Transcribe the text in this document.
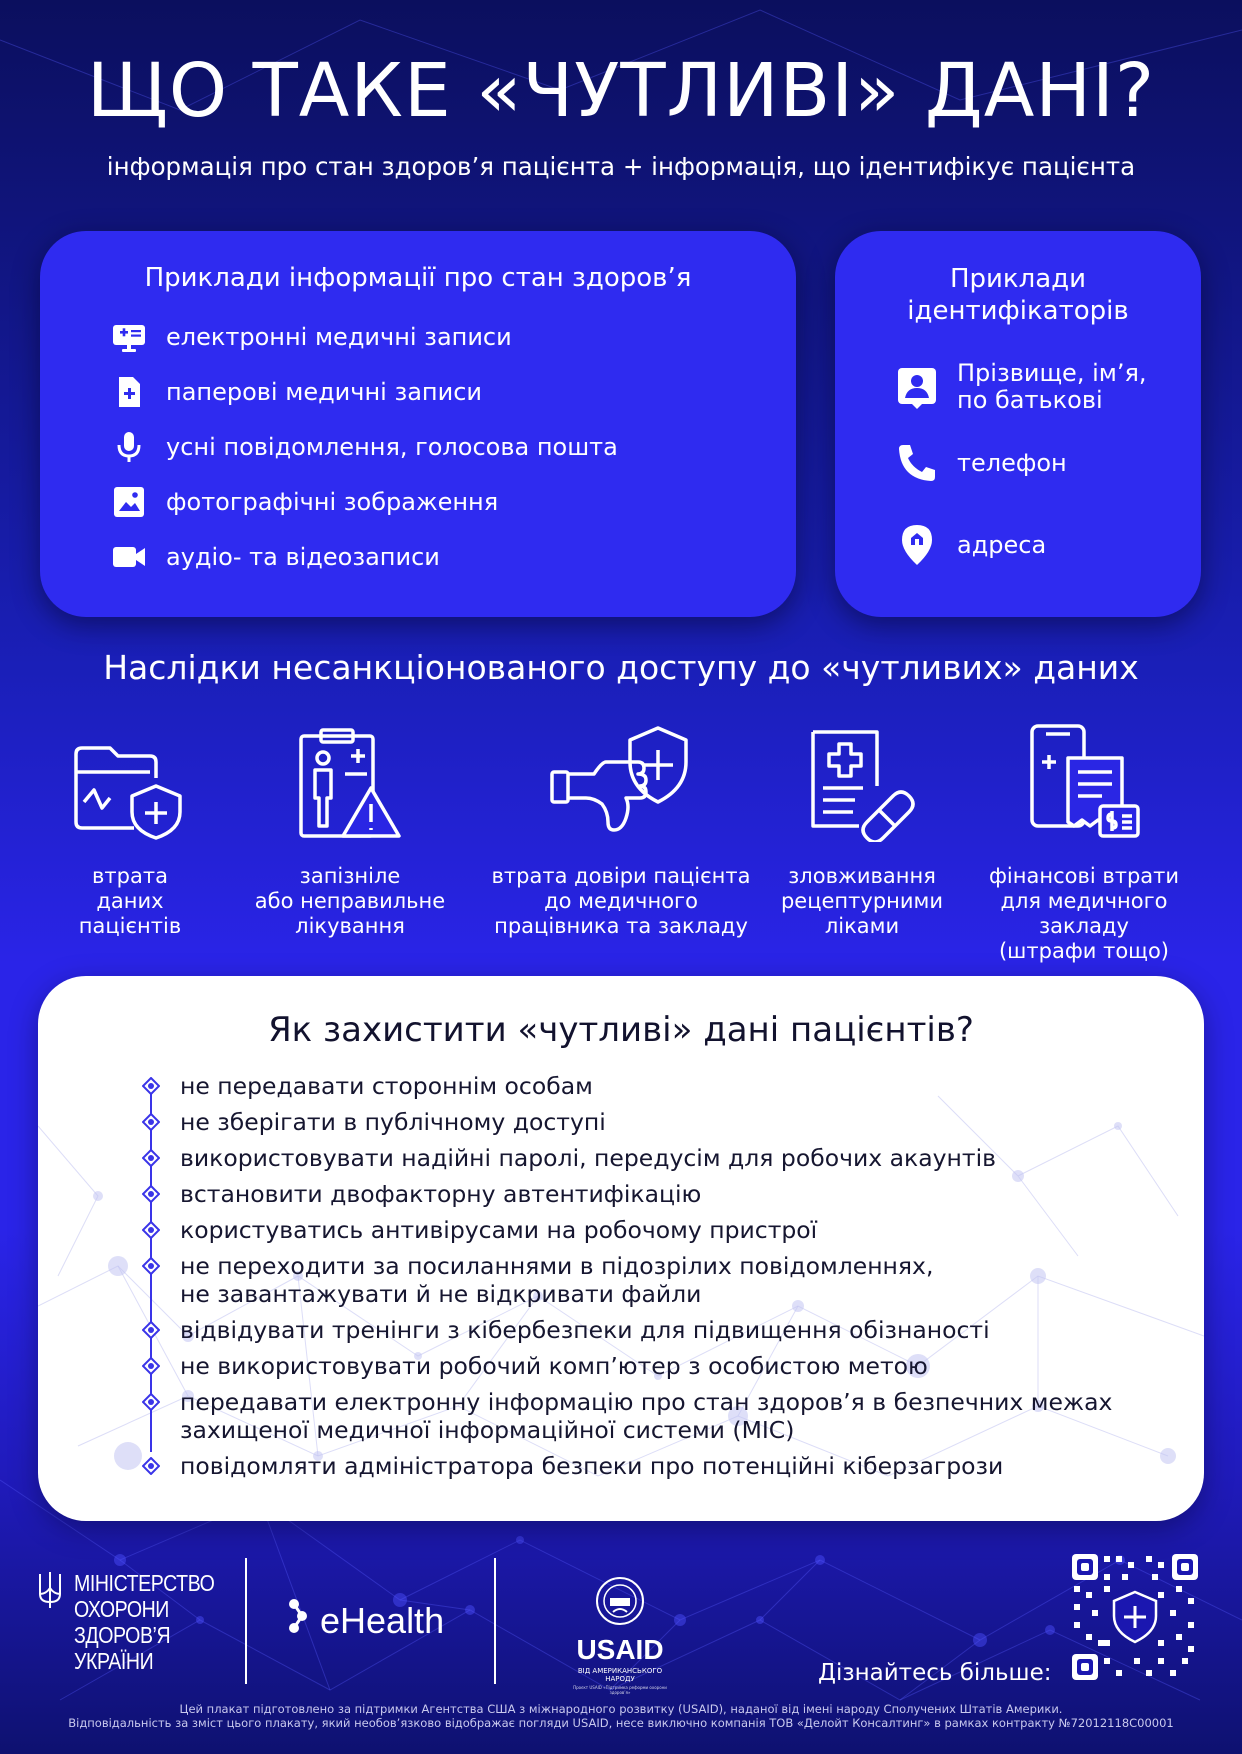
ЩО ТАКЕ «ЧУТЛИВІ» ДАНІ?
інформація про стан здоров’я пацієнта + інформація, що ідентифікує пацієнта
Приклади інформації про стан здоров’я
електронні медичні записи
паперові медичні записи
усні повідомлення, голосова пошта
фотографічні зображення
аудіо- та відеозаписи
Приклади
ідентифікаторів
Прізвище, ім’я,
по батькові
телефон
адреса
Наслідки несанкціонованого доступу до «чутливих» даних
втрата
даних
пацієнтів
запізніле
або неправильне
лікування
втрата довіри пацієнта
до медичного
працівника та закладу
зловживання
рецептурними
ліками
фінансові втрати
для медичного
закладу
(штрафи тощо)
Як захистити «чутливі» дані пацієнтів?
не передавати стороннім особам
не зберігати в публічному доступі
використовувати надійні паролі, передусім для робочих акаунтів
встановити двофакторну автентифікацію
користуватись антивірусами на робочому пристрої
не переходити за посиланнями в підозрілих повідомленнях,
не завантажувати й не відкривати файли
відвідувати тренінги з кібербезпеки для підвищення обізнаності
не використовувати робочий комп’ютер з особистою метою
передавати електронну інформацію про стан здоров’я в безпечних межах
захищеної медичної інформаційної системи (МІС)
повідомляти адміністратора безпеки про потенційні кіберзагрози
МІНІСТЕРСТВО
ОХОРОНИ
ЗДОРОВ’Я
УКРАЇНИ
eHealth
USAID
ВІД АМЕРИКАНСЬКОГО НАРОДУ
Проєкт USAID «Підтримка реформи охорони здоров’я»
Дізнайтесь більше:
Цей плакат підготовлено за підтримки Агентства США з міжнародного розвитку (USAID), наданої від імені народу Сполучених Штатів Америки.
Відповідальність за зміст цього плакату, який необов’язково відображає погляди USAID, несе виключно компанія ТОВ «Делойт Консалтинг» в рамках контракту №72012118C00001
